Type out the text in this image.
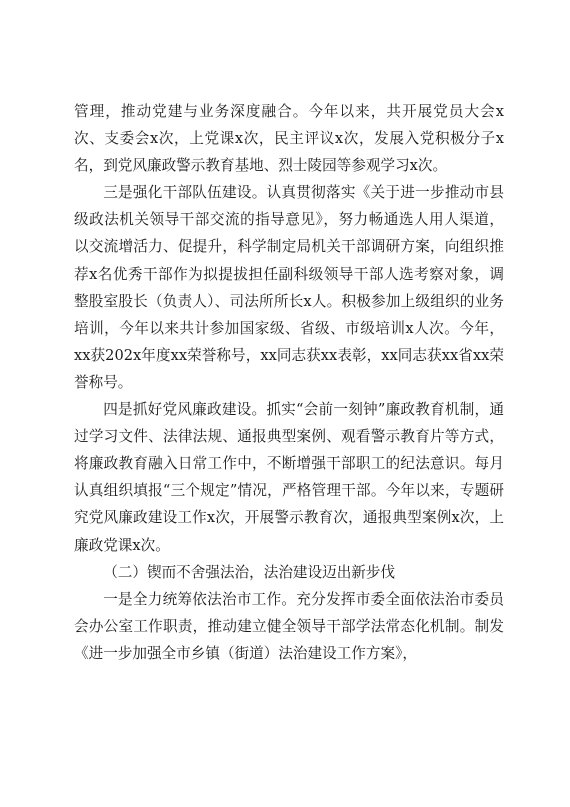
管理，推动党建与业务深度融合。今年以来，共开展党员大会x次、支委会x次，上党课x次，民主评议x次，发展入党积极分子x名，到党风廉政警示教育基地、烈士陵园等参观学习x次。

三是强化干部队伍建设。认真贯彻落实《关于进一步推动市县级政法机关领导干部交流的指导意见》，努力畅通选人用人渠道，以交流增活力、促提升，科学制定局机关干部调研方案，向组织推荐x名优秀干部作为拟提拔担任副科级领导干部人选考察对象，调整股室股长（负责人）、司法所所长x人。积极参加上级组织的业务培训，今年以来共计参加国家级、省级、市级培训x人次。今年，xx获202x年度xx荣誉称号，xx同志获xx表彰，xx同志获xx省xx荣誉称号。

四是抓好党风廉政建设。抓实“会前一刻钟”廉政教育机制，通过学习文件、法律法规、通报典型案例、观看警示教育片等方式，将廉政教育融入日常工作中，不断增强干部职工的纪法意识。每月认真组织填报“三个规定”情况，严格管理干部。今年以来，专题研究党风廉政建设工作x次，开展警示教育次，通报典型案例x次，上廉政党课x次。

（二）锲而不舍强法治，法治建设迈出新步伐

一是全力统筹依法治市工作。充分发挥市委全面依法治市委员会办公室工作职责，推动建立健全领导干部学法常态化机制。制发《进一步加强全市乡镇（街道）法治建设工作方案》，
